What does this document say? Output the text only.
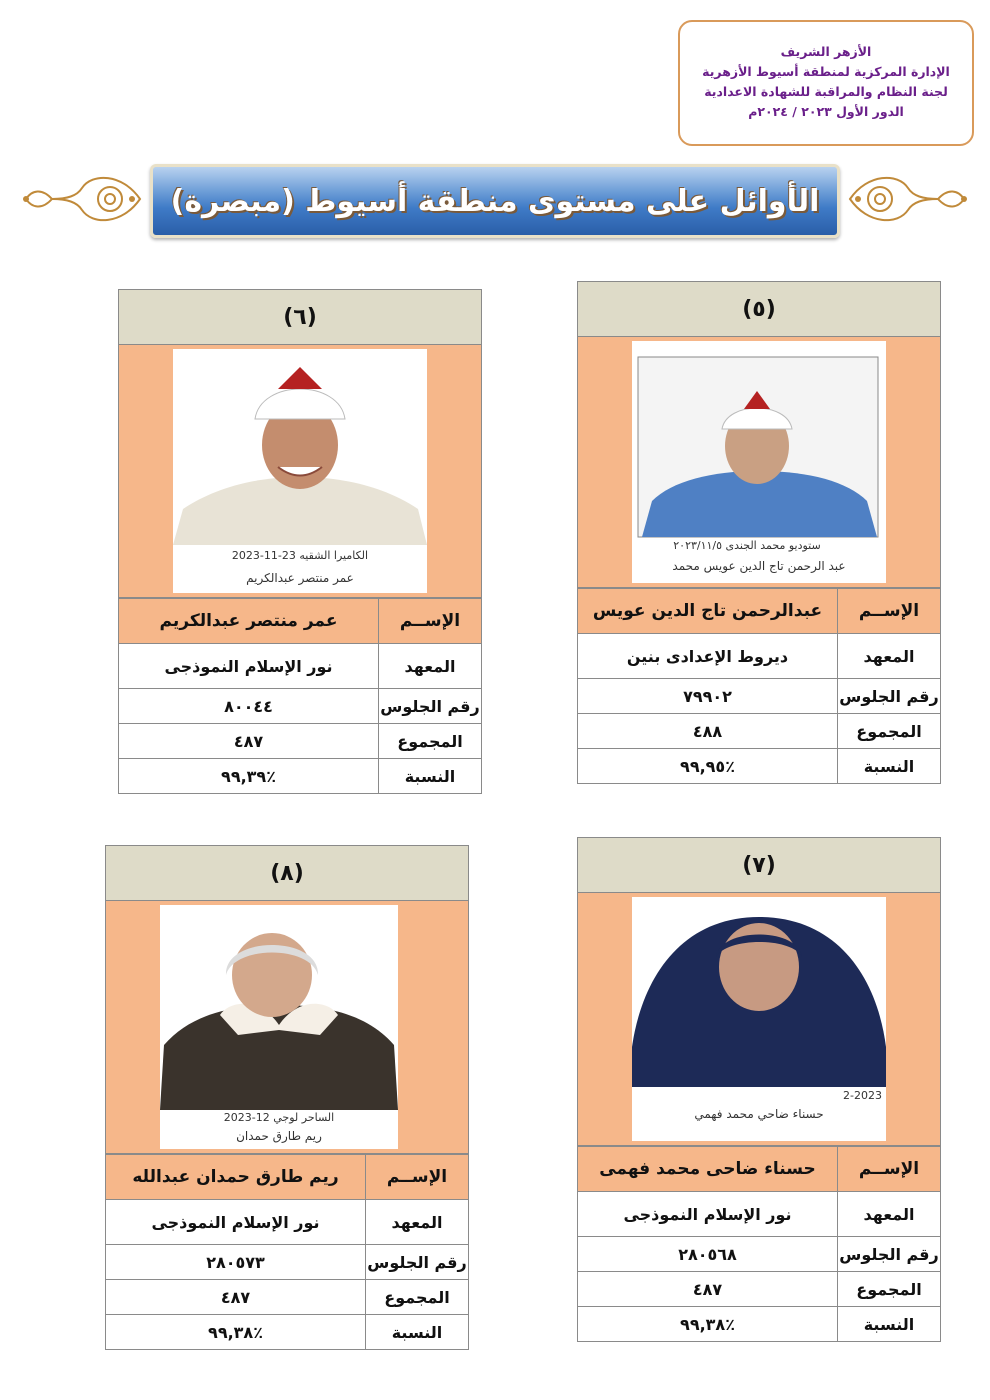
الأزهر الشريف
الإدارة المركزية لمنطقة أسيوط الأزهرية
لجنة النظام والمراقبة للشهادة الاعدادية
الدور الأول ٢٠٢٣ / ٢٠٢٤م
الأوائل على مستوى منطقة أسيوط (مبصرة)
(٥)
ستوديو محمد الجندى ٢٠٢٣/١١/٥
عبد الرحمن تاج الدين عويس محمد
الإســم	عبدالرحمن تاج الدين عويس
المعهد	ديروط الإعدادى بنين
رقم الجلوس	٧٩٩٠٢
المجموع	٤٨٨
النسبة	٪٩٩,٩٥
(٦)
الكاميرا الشقيه 23-11-2023
عمر منتصر عبدالكريم
الإســم	عمر منتصر عبدالكريم
المعهد	نور الإسلام النموذجى
رقم الجلوس	٨٠٠٤٤
المجموع	٤٨٧
النسبة	٪٩٩,٣٩
(٧)
2-2023
حسناء ضاحي محمد فهمي
الإســم	حسناء ضاحى محمد فهمى
المعهد	نور الإسلام النموذجى
رقم الجلوس	٢٨٠٥٦٨
المجموع	٤٨٧
النسبة	٪٩٩,٣٨
(٨)
الساحر لوجي 12-2023
ريم طارق حمدان
الإســم	ريم طارق حمدان عبدالله
المعهد	نور الإسلام النموذجى
رقم الجلوس	٢٨٠٥٧٣
المجموع	٤٨٧
النسبة	٪٩٩,٣٨
